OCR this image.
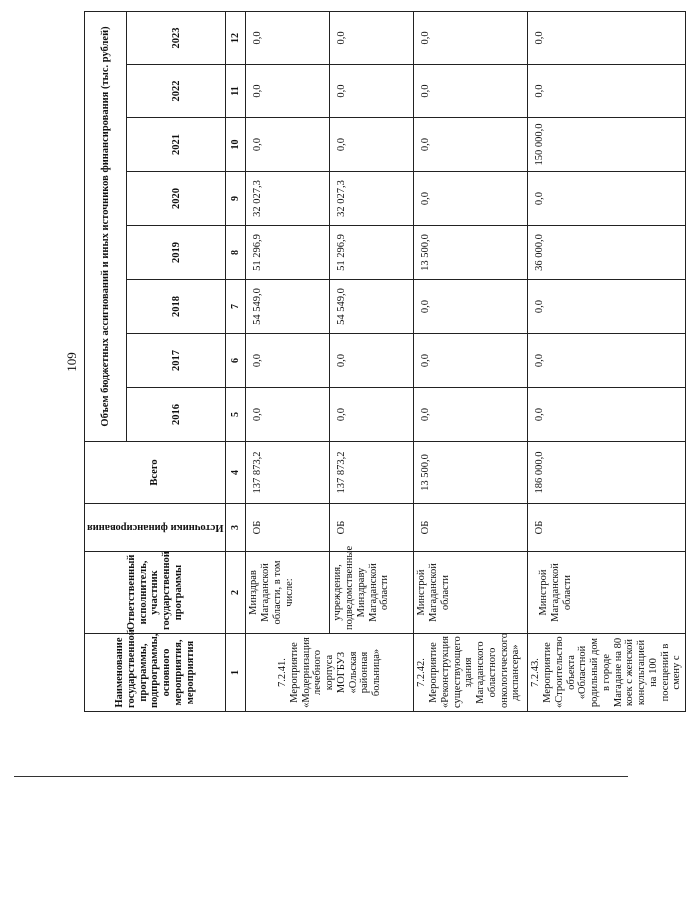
109
Наименование государственной программы, подпрограммы, основного мероприятия, мероприятия	Ответственный исполнитель, участник государственной программы	Источники финансирования	Всего	Объем бюджетных ассигнований и иных источников финансирования (тыс. рублей)							
				2016	2017	2018	2019	2020	2021	2022	2023
1	2	3	4	5	6	7	8	9	10	11	12
7.2.41. Мероприятие «Модернизация лечебного корпуса МОГБУЗ «Ольская районная больница»	Минздрав Магаданской области, в том числе:	ОБ	137 873,2	0,0	0,0	54 549,0	51 296,9	32 027,3	0,0	0,0	0,0
	учреждения, подведомственные Минздраву Магаданской области	ОБ	137 873,2	0,0	0,0	54 549,0	51 296,9	32 027,3	0,0	0,0	0,0
7.2.42. Мероприятие «Реконструкция существующего здания Магаданского областного онкологического диспансера»	Минстрой Магаданской области	ОБ	13 500,0	0,0	0,0	0,0	13 500,0	0,0	0,0	0,0	0,0
7.2.43. Мероприятие «Строительство объекта «Областной родильный дом в городе Магадане на 80 коек с женской консультацией на 100 посещений в смену с	Минстрой Магаданской области	ОБ	186 000,0	0,0	0,0	0,0	36 000,0	0,0	150 000,0	0,0	0,0
